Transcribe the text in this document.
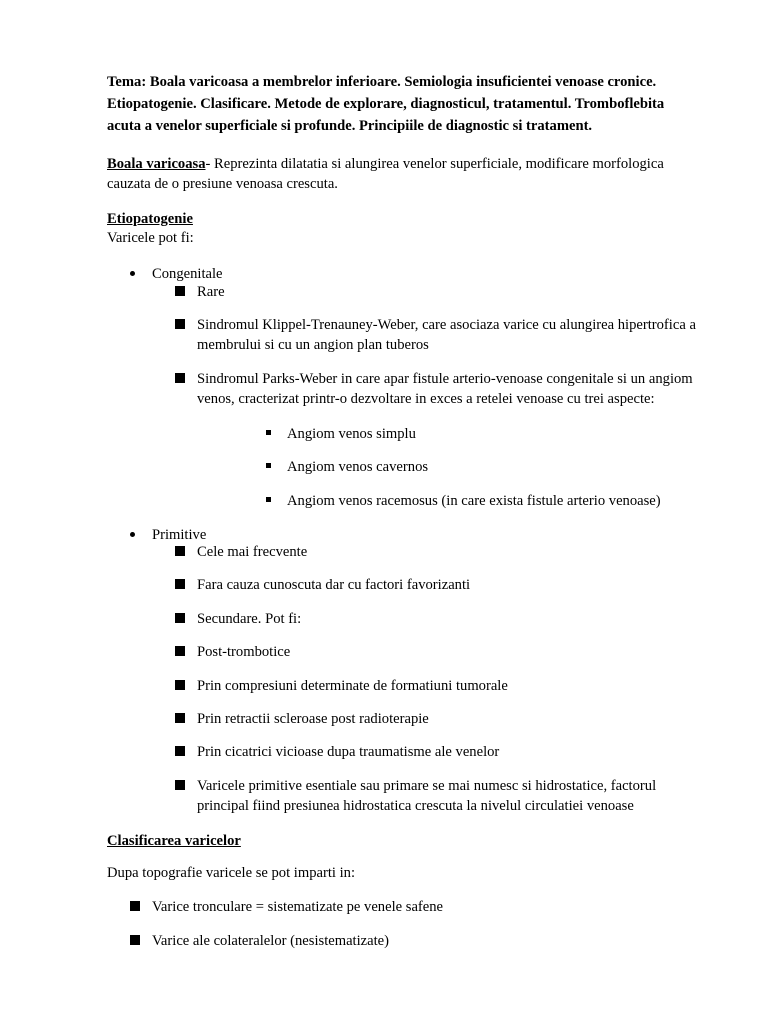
Tema: Boala varicoasa a membrelor inferioare. Semiologia insuficientei venoase cronice.
Etiopatogenie. Clasificare. Metode de explorare, diagnosticul, tratamentul. Tromboflebita
acuta a venelor superficiale si profunde. Principiile de diagnostic si tratament.
Boala varicoasa- Reprezinta dilatatia si alungirea venelor superficiale, modificare morfologica
cauzata de o presiune venoasa crescuta.
Etiopatogenie
Varicele pot fi:
Congenitale
Rare
Sindromul Klippel-Trenauney-Weber, care asociaza varice cu alungirea hipertrofica a
membrului si cu un angion plan tuberos
Sindromul Parks-Weber in care apar fistule arterio-venoase congenitale si un angiom
venos, cracterizat printr-o dezvoltare in exces a retelei venoase cu trei aspecte:
Angiom venos simplu
Angiom venos cavernos
Angiom venos racemosus (in care exista fistule arterio venoase)
Primitive
Cele mai frecvente
Fara cauza cunoscuta dar cu factori favorizanti
Secundare. Pot fi:
Post-trombotice
Prin compresiuni determinate de formatiuni tumorale
Prin retractii scleroase post radioterapie
Prin cicatrici vicioase dupa traumatisme ale venelor
Varicele primitive esentiale sau primare se mai numesc si hidrostatice, factorul
principal fiind presiunea hidrostatica crescuta la nivelul circulatiei venoase
Clasificarea varicelor
Dupa topografie varicele se pot imparti in:
Varice tronculare = sistematizate pe venele safene
Varice ale colateralelor (nesistematizate)
